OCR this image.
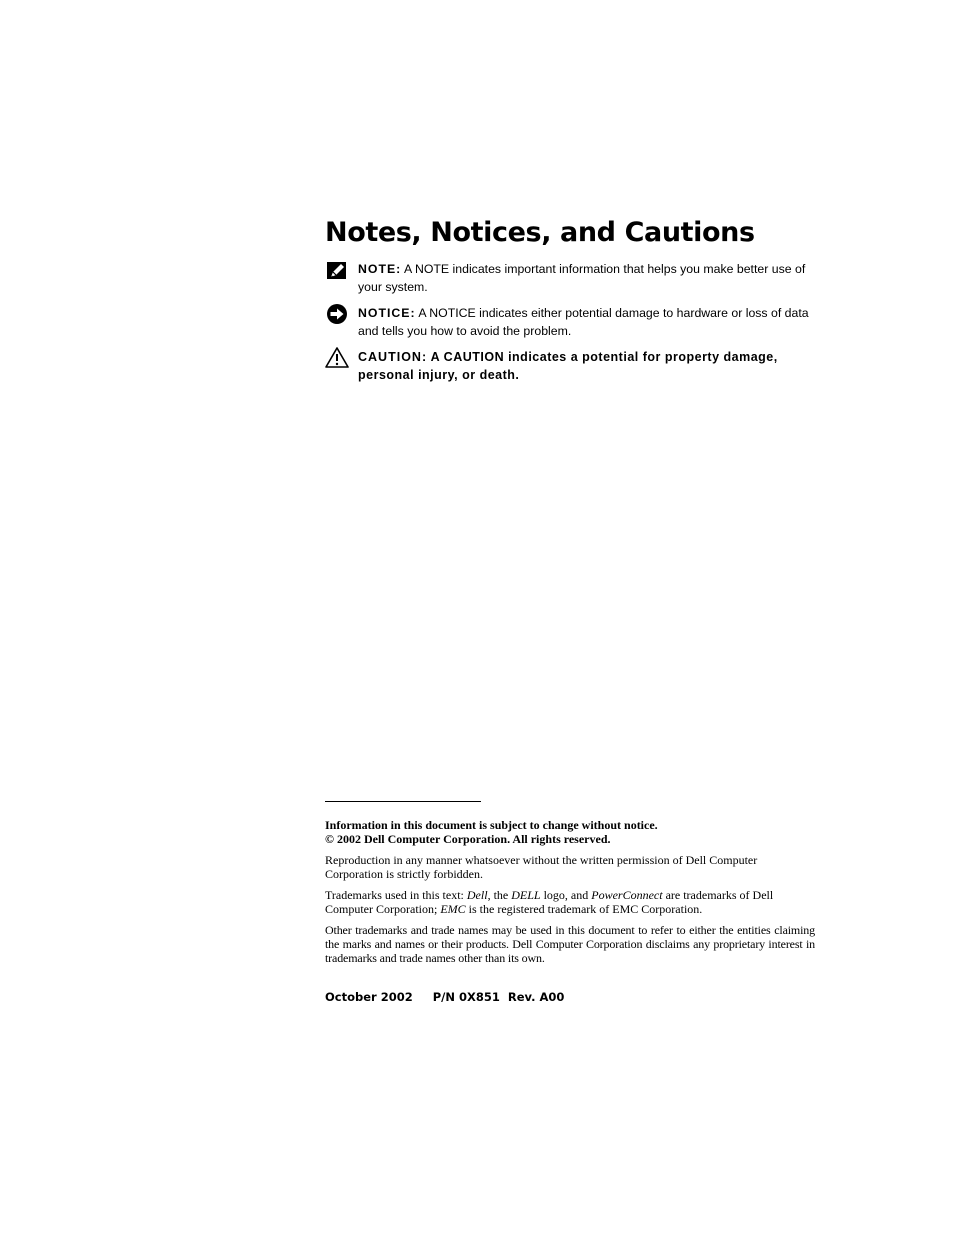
Notes, Notices, and Cautions
NOTE: A NOTE indicates important information that helps you make better use of your system.
NOTICE: A NOTICE indicates either potential damage to hardware or loss of data and tells you how to avoid the problem.
CAUTION: A CAUTION indicates a potential for property damage, personal injury, or death.

Information in this document is subject to change without notice.
© 2002 Dell Computer Corporation. All rights reserved.

Reproduction in any manner whatsoever without the written permission of Dell Computer Corporation is strictly forbidden.

Trademarks used in this text: Dell, the DELL logo, and PowerConnect are trademarks of Dell Computer Corporation; EMC is the registered trademark of EMC Corporation.

Other trademarks and trade names may be used in this document to refer to either the entities claiming the marks and names or their products. Dell Computer Corporation disclaims any proprietary interest in trademarks and trade names other than its own.

October 2002 P/N 0X851 Rev. A00
